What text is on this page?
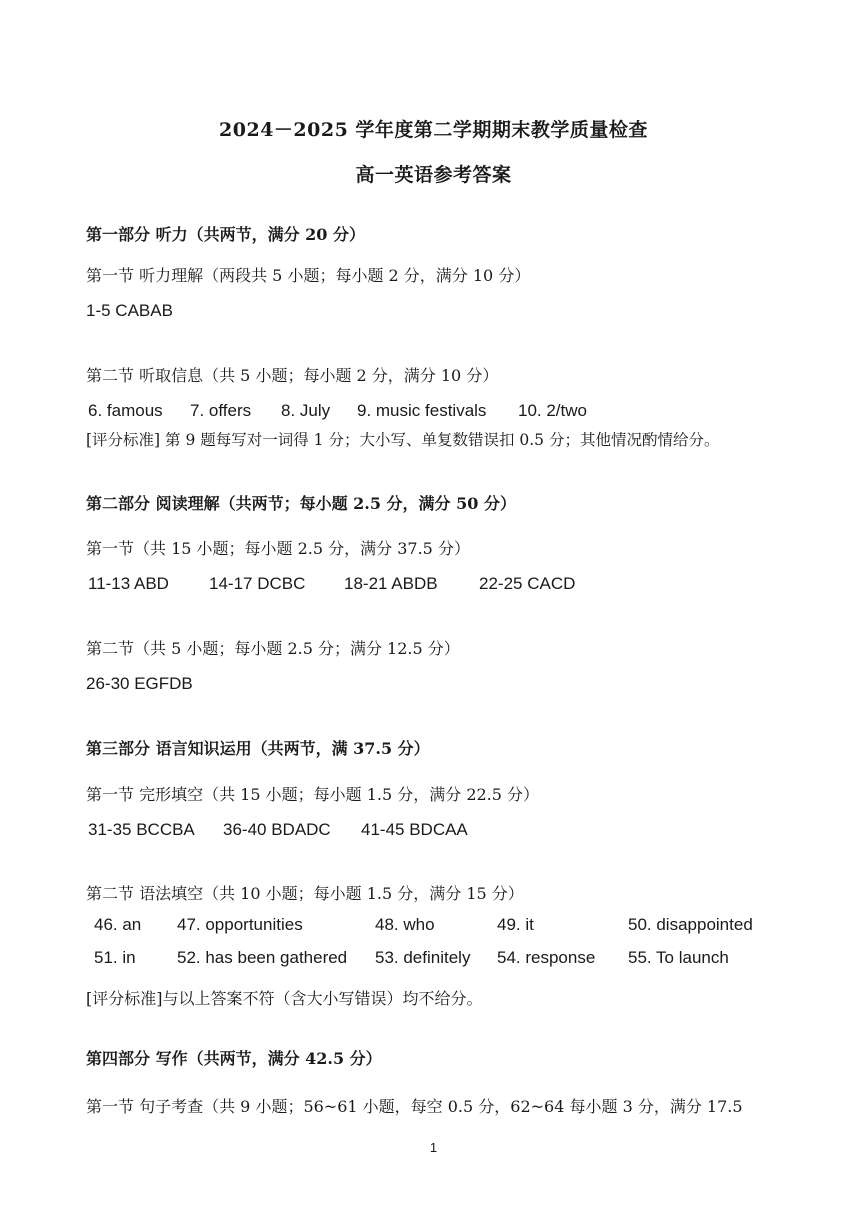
2024－2025 学年度第二学期期末教学质量检查
高一英语参考答案
第一部分 听力（共两节，满分 20 分）
第一节 听力理解（两段共 5 小题；每小题 2 分，满分 10 分）
1-5 CABAB
第二节 听取信息（共 5 小题；每小题 2 分，满分 10 分）
6. famous 7. offers 8. July 9. music festivals 10. 2/two
[评分标准] 第 9 题每写对一词得 1 分；大小写、单复数错误扣 0.5 分；其他情况酌情给分。
第二部分 阅读理解（共两节；每小题 2.5 分，满分 50 分）
第一节（共 15 小题；每小题 2.5 分，满分 37.5 分）
11-13 ABD 14-17 DCBC 18-21 ABDB 22-25 CACD
第二节（共 5 小题；每小题 2.5 分；满分 12.5 分）
26-30 EGFDB
第三部分 语言知识运用（共两节，满 37.5 分）
第一节 完形填空（共 15 小题；每小题 1.5 分，满分 22.5 分）
31-35 BCCBA 36-40 BDADC 41-45 BDCAA
第二节 语法填空（共 10 小题；每小题 1.5 分，满分 15 分）
46. an 47. opportunities	48. who	49. it	50. disappointed
51. in 52. has been gathered 53. definitely 54. response 55. To launch
[评分标准]与以上答案不符（含大小写错误）均不给分。
第四部分 写作（共两节，满分 42.5 分）
第一节 句子考查（共 9 小题；56~61 小题，每空 0.5 分，62~64 每小题 3 分，满分 17.5
1
